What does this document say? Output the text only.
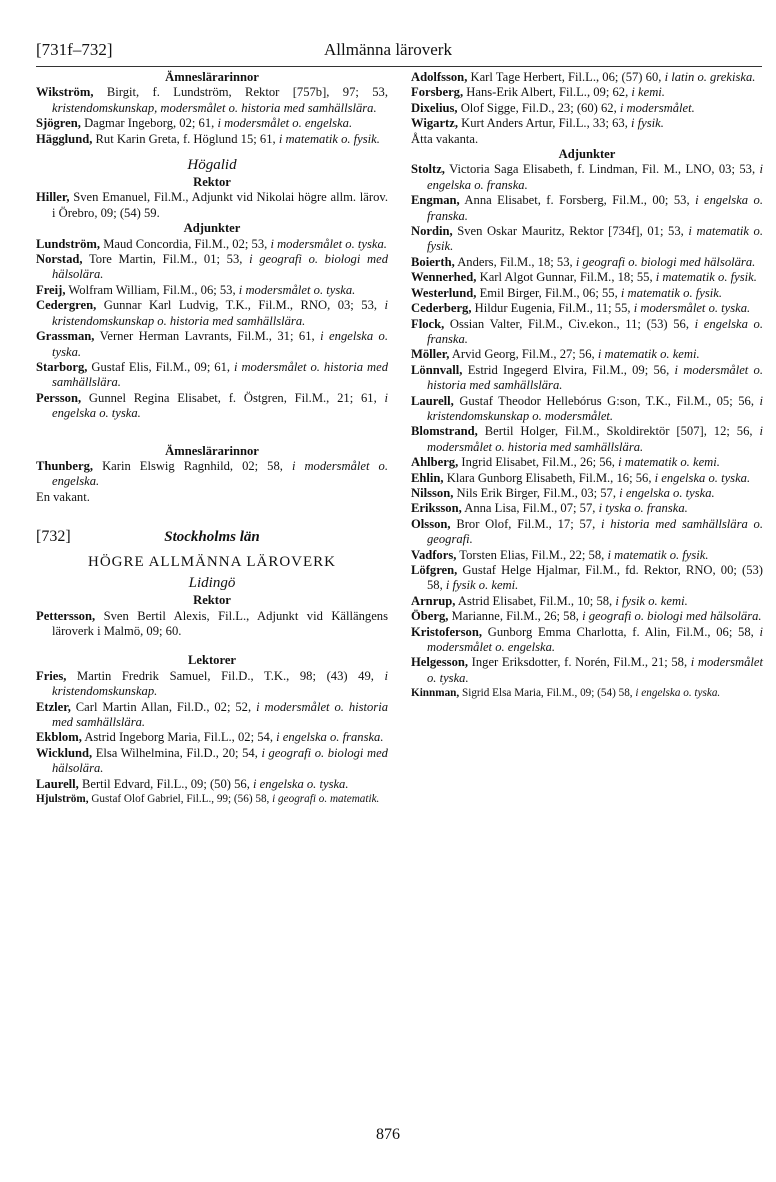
Allmänna läroverk
[731f–732]

Ämneslärarinnor

Wikström, Birgit, f. Lundström, Rektor [757b], 97; 53, kristendomskunskap, modersmålet o. historia med samhällslära.

Sjögren, Dagmar Ingeborg, 02; 61, i modersmålet o. engelska.

Hägglund, Rut Karin Greta, f. Höglund 15; 61, i matematik o. fysik.

Högalid

Rektor

Hiller, Sven Emanuel, Fil.M., Adjunkt vid Nikolai högre allm. lärov. i Örebro, 09; (54) 59.

Adjunkter

Lundström, Maud Concordia, Fil.M., 02; 53, i modersmålet o. tyska.

Norstad, Tore Martin, Fil.M., 01; 53, i geografi o. biologi med hälsolära.

Freij, Wolfram William, Fil.M., 06; 53, i modersmålet o. tyska.

Cedergren, Gunnar Karl Ludvig, T.K., Fil.M., RNO, 03; 53, i kristendomskunskap o. historia med samhällslära.

Grassman, Verner Herman Lavrants, Fil.M., 31; 61, i engelska o. tyska.

Starborg, Gustaf Elis, Fil.M., 09; 61, i modersmålet o. historia med samhällslära.

Persson, Gunnel Regina Elisabet, f. Östgren, Fil.M., 21; 61, i engelska o. tyska.

Ämneslärarinnor

Thunberg, Karin Elswig Ragnhild, 02; 58, i modersmålet o. engelska.

En vakant.

[732]	Stockholms län

HÖGRE ALLMÄNNA LÄROVERK

Lidingö

Rektor

Pettersson, Sven Bertil Alexis, Fil.L., Adjunkt vid Källängens läroverk i Malmö, 09; 60.

Lektorer

Fries, Martin Fredrik Samuel, Fil.D., T.K., 98; (43) 49, i kristendomskunskap.

Etzler, Carl Martin Allan, Fil.D., 02; 52, i modersmålet o. historia med samhällslära.

Ekblom, Astrid Ingeborg Maria, Fil.L., 02; 54, i engelska o. franska.

Wicklund, Elsa Wilhelmina, Fil.D., 20; 54, i geografi o. biologi med hälsolära.

Laurell, Bertil Edvard, Fil.L., 09; (50) 56, i engelska o. tyska.

Hjulström, Gustaf Olof Gabriel, Fil.L., 99; (56) 58, i geografi o. matematik.

Adolfsson, Karl Tage Herbert, Fil.L., 06; (57) 60, i latin o. grekiska.

Forsberg, Hans-Erik Albert, Fil.L., 09; 62, i kemi.

Dixelius, Olof Sigge, Fil.D., 23; (60) 62, i modersmålet.

Wigartz, Kurt Anders Artur, Fil.L., 33; 63, i fysik.

Åtta vakanta.

Adjunkter

Stoltz, Victoria Saga Elisabeth, f. Lindman, Fil. M., LNO, 03; 53, i engelska o. franska.

Engman, Anna Elisabet, f. Forsberg, Fil.M., 00; 53, i engelska o. franska.

Nordin, Sven Oskar Mauritz, Rektor [734f], 01; 53, i matematik o. fysik.

Boierth, Anders, Fil.M., 18; 53, i geografi o. biologi med hälsolära.

Wennerhed, Karl Algot Gunnar, Fil.M., 18; 55, i matematik o. fysik.

Westerlund, Emil Birger, Fil.M., 06; 55, i matematik o. fysik.

Cederberg, Hildur Eugenia, Fil.M., 11; 55, i modersmålet o. tyska.

Flock, Ossian Valter, Fil.M., Civ.ekon., 11; (53) 56, i engelska o. franska.

Möller, Arvid Georg, Fil.M., 27; 56, i matematik o. kemi.

Lönnvall, Estrid Ingegerd Elvira, Fil.M., 09; 56, i modersmålet o. historia med samhällslära.

Laurell, Gustaf Theodor Hellebórus G:son, T.K., Fil.M., 05; 56, i kristendomskunskap o. modersmålet.

Blomstrand, Bertil Holger, Fil.M., Skoldirektör [507], 12; 56, i modersmålet o. historia med samhällslära.

Ahlberg, Ingrid Elisabet, Fil.M., 26; 56, i matematik o. kemi.

Ehlin, Klara Gunborg Elisabeth, Fil.M., 16; 56, i engelska o. tyska.

Nilsson, Nils Erik Birger, Fil.M., 03; 57, i engelska o. tyska.

Eriksson, Anna Lisa, Fil.M., 07; 57, i tyska o. franska.

Olsson, Bror Olof, Fil.M., 17; 57, i historia med samhällslära o. geografi.

Vadfors, Torsten Elias, Fil.M., 22; 58, i matematik o. fysik.

Löfgren, Gustaf Helge Hjalmar, Fil.M., fd. Rektor, RNO, 00; (53) 58, i fysik o. kemi.

Arnrup, Astrid Elisabet, Fil.M., 10; 58, i fysik o. kemi.

Öberg, Marianne, Fil.M., 26; 58, i geografi o. biologi med hälsolära.

Kristoferson, Gunborg Emma Charlotta, f. Alin, Fil.M., 06; 58, i modersmålet o. engelska.

Helgesson, Inger Eriksdotter, f. Norén, Fil.M., 21; 58, i modersmålet o. tyska.

Kinnman, Sigrid Elsa Maria, Fil.M., 09; (54) 58, i engelska o. tyska.

876
